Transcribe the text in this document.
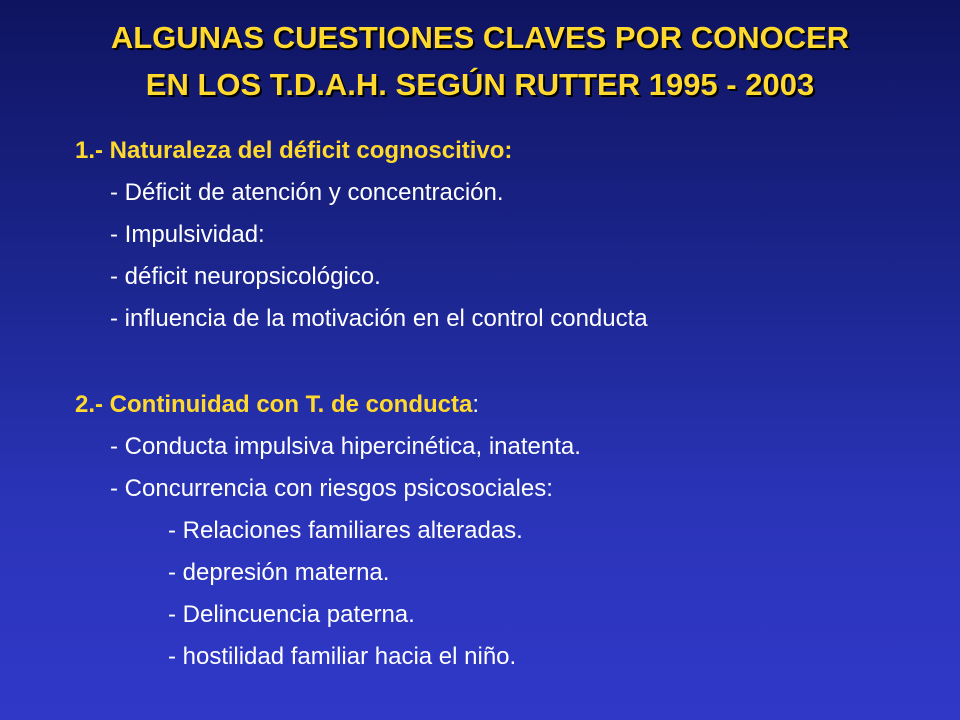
ALGUNAS CUESTIONES CLAVES POR CONOCER
EN LOS T.D.A.H. SEGÚN RUTTER 1995 - 2003
1.- Naturaleza del déficit cognoscitivo:
- Déficit de atención y concentración.
- Impulsividad:
- déficit neuropsicológico.
- influencia de la motivación en el control conducta
2.- Continuidad con T. de conducta:
- Conducta impulsiva hipercinética, inatenta.
- Concurrencia con riesgos psicosociales:
- Relaciones familiares alteradas.
- depresión materna.
- Delincuencia paterna.
- hostilidad familiar hacia el niño.
